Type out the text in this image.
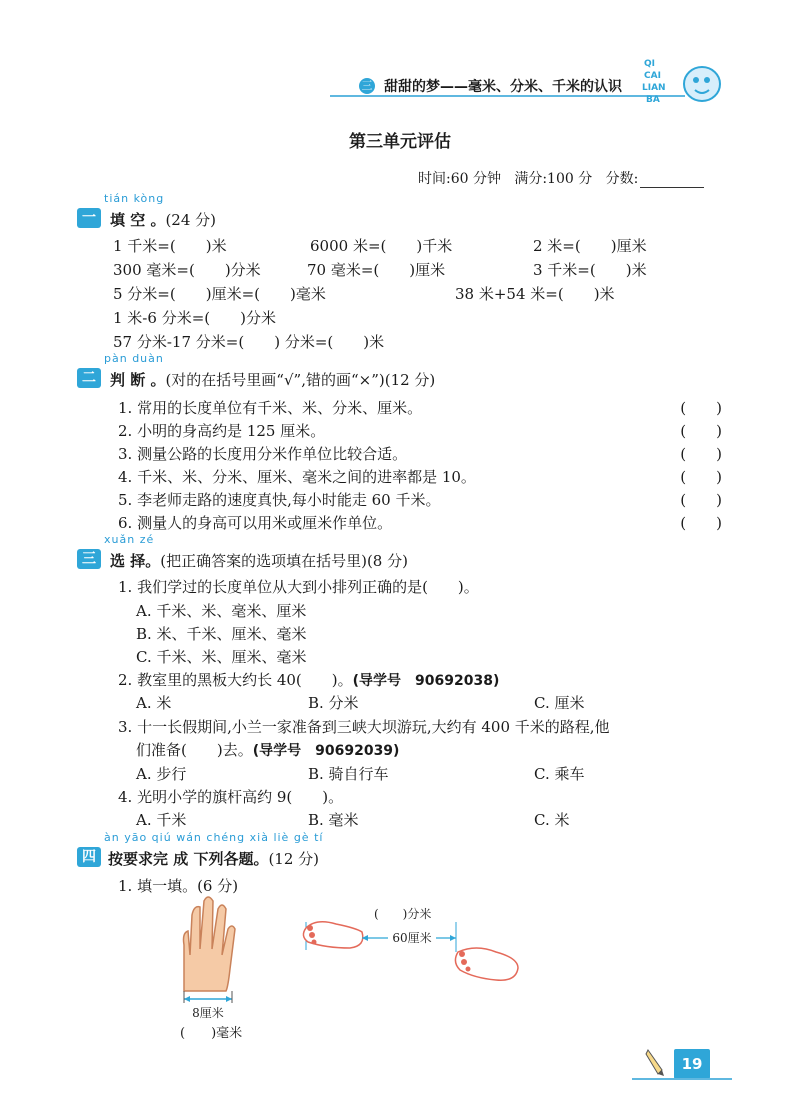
三 甜甜的梦——毫米、分米、千米的认识
QI
CAI
LIAN
BA
第三单元评估
时间:60 分钟 满分:100 分 分数:
tián kòng
一 填 空 。(24 分)
1 千米=(　　)米	6000 米=(　　)千米	2 米=(　　)厘米
300 毫米=(　　)分米	70 毫米=(　　)厘米	3 千米=(　　)米
5 分米=(　　)厘米=(　　)毫米	38 米+54 米=(　　)米
1 米-6 分米=(　　)分米
57 分米-17 分米=(　　) 分米=(　　)米
pàn duàn
二 判 断 。(对的在括号里画“√”,错的画“×”)(12 分)
1. 常用的长度单位有千米、米、分米、厘米。	(　　)
2. 小明的身高约是 125 厘米。	(　　)
3. 测量公路的长度用分米作单位比较合适。	(　　)
4. 千米、米、分米、厘米、毫米之间的进率都是 10。	(　　)
5. 李老师走路的速度真快,每小时能走 60 千米。	(　　)
6. 测量人的身高可以用米或厘米作单位。	(　　)
xuǎn zé
三 选 择。(把正确答案的选项填在括号里)(8 分)
1. 我们学过的长度单位从大到小排列正确的是(　　)。
A. 千米、米、毫米、厘米
B. 米、千米、厘米、毫米
C. 千米、米、厘米、毫米
2. 教室里的黑板大约长 40(　　)。(导学号　90692038)
A. 米	B. 分米	C. 厘米
3. 十一长假期间,小兰一家准备到三峡大坝游玩,大约有 400 千米的路程,他
们准备(　　)去。(导学号　90692039)
A. 步行	B. 骑自行车	C. 乘车
4. 光明小学的旗杆高约 9(　　)。
A. 千米	B. 毫米	C. 米
àn yāo qiú wán chéng xià liè gè tí
四 按要求完 成 下列各题。(12 分)
1. 填一填。(6 分)
8厘米
(　　)毫米
(　　)分米
60厘米
19
